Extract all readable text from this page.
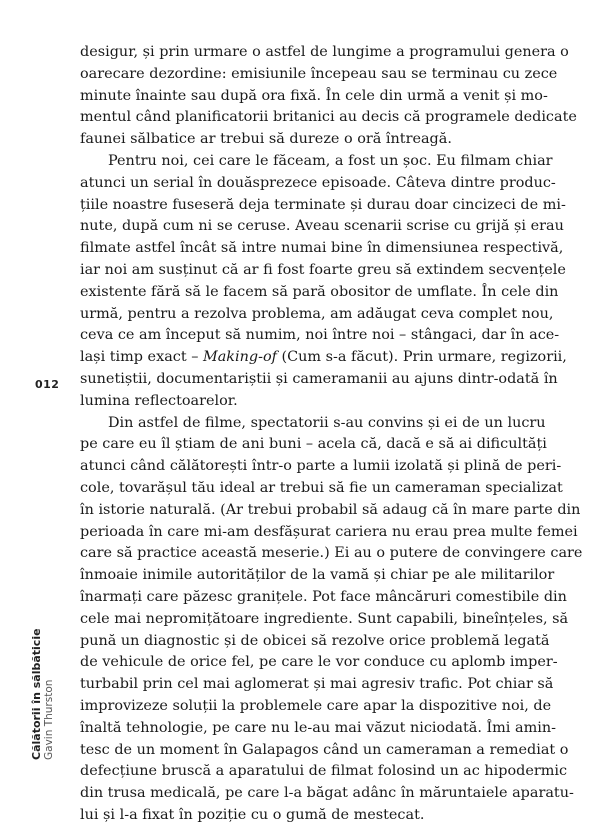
desigur, și prin urmare o astfel de lungime a programului genera o
oarecare dezordine: emisiunile începeau sau se terminau cu zece
minute înainte sau după ora fixă. În cele din urmă a venit și mo-
mentul când planificatorii britanici au decis că programele dedicate
faunei sălbatice ar trebui să dureze o oră întreagă.
Pentru noi, cei care le făceam, a fost un șoc. Eu filmam chiar
atunci un serial în douăsprezece episoade. Câteva dintre produc-
țiile noastre fuseseră deja terminate și durau doar cincizeci de mi-
nute, după cum ni se ceruse. Aveau scenarii scrise cu grijă și erau
filmate astfel încât să intre numai bine în dimensiunea respectivă,
iar noi am susținut că ar fi fost foarte greu să extindem secvențele
existente fără să le facem să pară obositor de umflate. În cele din
urmă, pentru a rezolva problema, am adăugat ceva complet nou,
ceva ce am început să numim, noi între noi – stângaci, dar în ace-
lași timp exact – Making-of (Cum s-a făcut). Prin urmare, regizorii,
sunetiștii, documentariștii și cameramanii au ajuns dintr-odată în
lumina reflectoarelor.
Din astfel de filme, spectatorii s-au convins și ei de un lucru
pe care eu îl știam de ani buni – acela că, dacă e să ai dificultăți
atunci când călătorești într-o parte a lumii izolată și plină de peri-
cole, tovarășul tău ideal ar trebui să fie un cameraman specializat
în istorie naturală. (Ar trebui probabil să adaug că în mare parte din
perioada în care mi-am desfășurat cariera nu erau prea multe femei
care să practice această meserie.) Ei au o putere de convingere care
înmoaie inimile autorităților de la vamă și chiar pe ale militarilor
înarmați care păzesc granițele. Pot face mâncăruri comestibile din
cele mai nepromițătoare ingrediente. Sunt capabili, bineînțeles, să
pună un diagnostic și de obicei să rezolve orice problemă legată
de vehicule de orice fel, pe care le vor conduce cu aplomb imper-
turbabil prin cel mai aglomerat și mai agresiv trafic. Pot chiar să
improvizeze soluții la problemele care apar la dispozitive noi, de
înaltă tehnologie, pe care nu le-au mai văzut niciodată. Îmi amin-
tesc de un moment în Galapagos când un cameraman a remediat o
defecțiune bruscă a aparatului de filmat folosind un ac hipodermic
din trusa medicală, pe care l-a băgat adânc în măruntaiele aparatu-
lui și l-a fixat în poziție cu o gumă de mestecat.
012
Călătorii în sălbăticie Gavin Thurston
